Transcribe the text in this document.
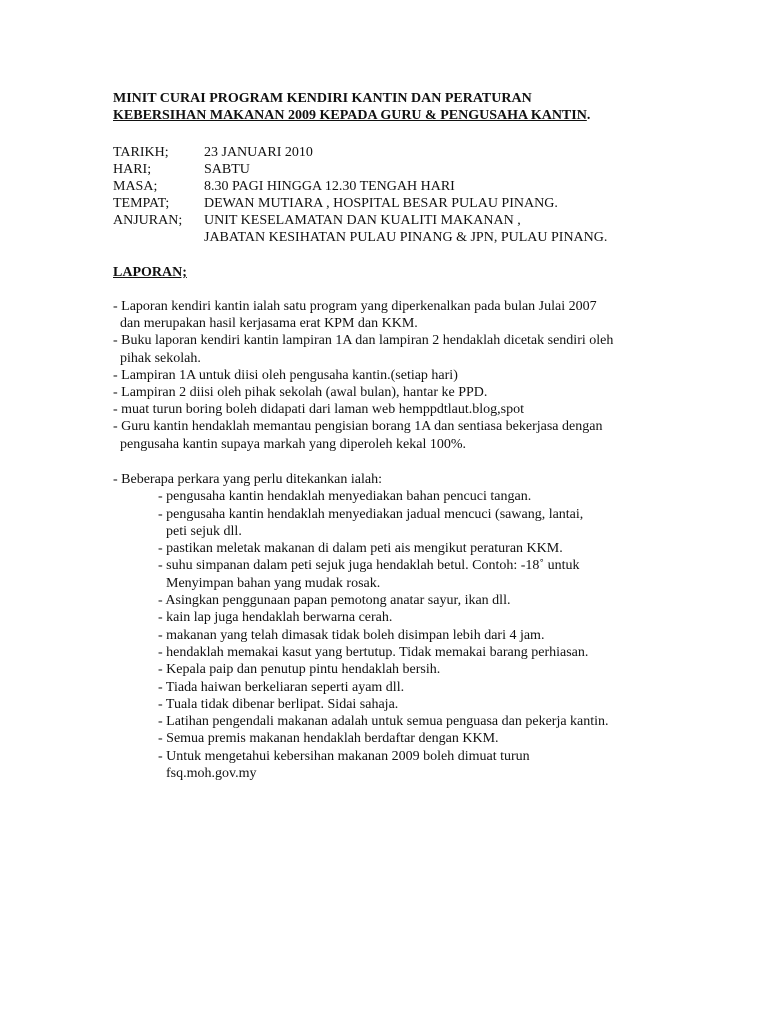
MINIT CURAI PROGRAM KENDIRI KANTIN DAN PERATURAN
KEBERSIHAN MAKANAN 2009 KEPADA GURU & PENGUSAHA KANTIN.
TARIKH;	23 JANUARI 2010
HARI;	SABTU
MASA;	8.30 PAGI HINGGA 12.30 TENGAH HARI
TEMPAT;	DEWAN MUTIARA , HOSPITAL BESAR PULAU PINANG.
ANJURAN;	UNIT KESELAMATAN DAN KUALITI MAKANAN ,
JABATAN KESIHATAN PULAU PINANG & JPN, PULAU PINANG.
LAPORAN;
- Laporan kendiri kantin ialah satu program yang diperkenalkan pada bulan Julai 2007
dan merupakan hasil kerjasama erat KPM dan KKM.
- Buku laporan kendiri kantin lampiran 1A dan lampiran 2 hendaklah dicetak sendiri oleh
pihak sekolah.
- Lampiran 1A untuk diisi oleh pengusaha kantin.(setiap hari)
- Lampiran 2 diisi oleh pihak sekolah (awal bulan), hantar ke PPD.
- muat turun boring boleh didapati dari laman web hemppdtlaut.blog,spot
- Guru kantin hendaklah memantau pengisian borang 1A dan sentiasa bekerjasa dengan
pengusaha kantin supaya markah yang diperoleh kekal 100%.
- Beberapa perkara yang perlu ditekankan ialah:
- pengusaha kantin hendaklah menyediakan bahan pencuci tangan.
- pengusaha kantin hendaklah menyediakan jadual mencuci (sawang, lantai,
peti sejuk dll.
- pastikan meletak makanan di dalam peti ais mengikut peraturan KKM.
- suhu simpanan dalam peti sejuk juga hendaklah betul. Contoh: -18˚ untuk
Menyimpan bahan yang mudak rosak.
- Asingkan penggunaan papan pemotong anatar sayur, ikan dll.
- kain lap juga hendaklah berwarna cerah.
- makanan yang telah dimasak tidak boleh disimpan lebih dari 4 jam.
- hendaklah memakai kasut yang bertutup. Tidak memakai barang perhiasan.
- Kepala paip dan penutup pintu hendaklah bersih.
- Tiada haiwan berkeliaran seperti ayam dll.
- Tuala tidak dibenar berlipat. Sidai sahaja.
- Latihan pengendali makanan adalah untuk semua penguasa dan pekerja kantin.
- Semua premis makanan hendaklah berdaftar dengan KKM.
- Untuk mengetahui kebersihan makanan 2009 boleh dimuat turun
fsq.moh.gov.my
